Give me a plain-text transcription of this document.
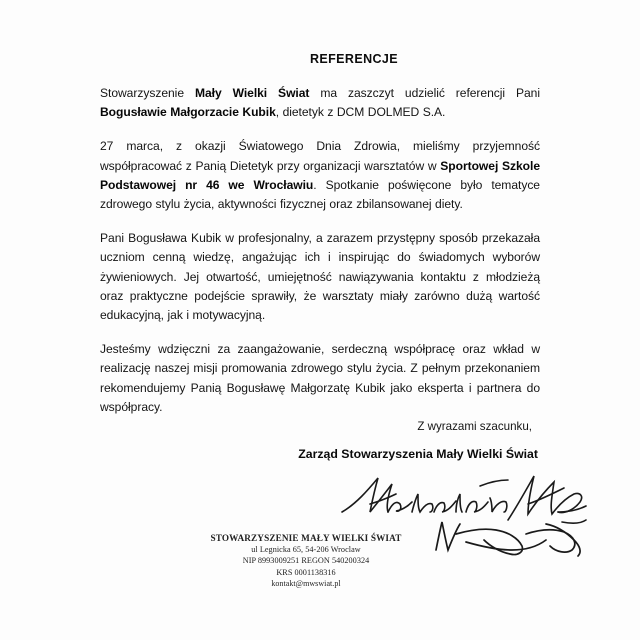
REFERENCJE

Stowarzyszenie Mały Wielki Świat ma zaszczyt udzielić referencji Pani Bogusławie Małgorzacie Kubik, dietetyk z DCM DOLMED S.A.

27 marca, z okazji Światowego Dnia Zdrowia, mieliśmy przyjemność współpracować z Panią Dietetyk przy organizacji warsztatów w Sportowej Szkole Podstawowej nr 46 we Wrocławiu. Spotkanie poświęcone było tematyce zdrowego stylu życia, aktywności fizycznej oraz zbilansowanej diety.

Pani Bogusława Kubik w profesjonalny, a zarazem przystępny sposób przekazała uczniom cenną wiedzę, angażując ich i inspirując do świadomych wyborów żywieniowych. Jej otwartość, umiejętność nawiązywania kontaktu z młodzieżą oraz praktyczne podejście sprawiły, że warsztaty miały zarówno dużą wartość edukacyjną, jak i motywacyjną.

Jesteśmy wdzięczni za zaangażowanie, serdeczną współpracę oraz wkład w realizację naszej misji promowania zdrowego stylu życia. Z pełnym przekonaniem rekomendujemy Panią Bogusławę Małgorzatę Kubik jako eksperta i partnera do współpracy.

Z wyrazami szacunku,

Zarząd Stowarzyszenia Mały Wielki Świat

STOWARZYSZENIE MAŁY WIELKI ŚWIAT
ul Legnicka 65, 54-206 Wroclaw
NIP 8993009251 REGON 540200324
KRS 0001138316
kontakt@mwswiat.pl
